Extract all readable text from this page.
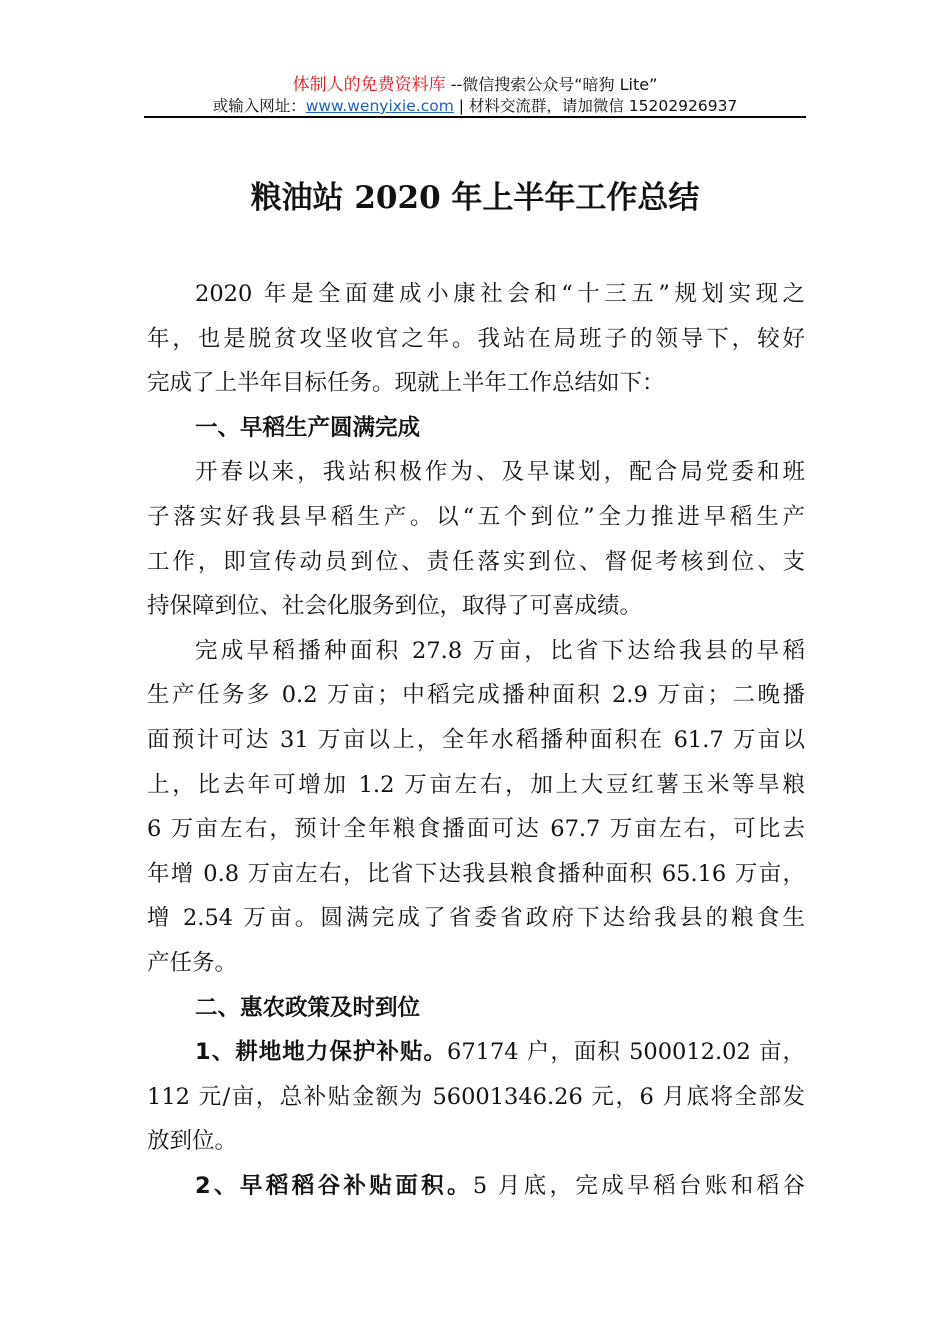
体制人的免费资料库 --微信搜索公众号“暗狗 Lite”
或输入网址：www.wenyixie.com | 材料交流群，请加微信 15202926937
粮油站 2020 年上半年工作总结
2020 年是全面建成小康社会和“十三五”规划实现之
年，也是脱贫攻坚收官之年。我站在局班子的领导下，较好
完成了上半年目标任务。现就上半年工作总结如下：
一、早稻生产圆满完成
开春以来，我站积极作为、及早谋划，配合局党委和班
子落实好我县早稻生产。以“五个到位”全力推进早稻生产
工作，即宣传动员到位、责任落实到位、督促考核到位、支
持保障到位、社会化服务到位，取得了可喜成绩。
完成早稻播种面积 27.8 万亩，比省下达给我县的早稻
生产任务多 0.2 万亩；中稻完成播种面积 2.9 万亩；二晚播
面预计可达 31 万亩以上，全年水稻播种面积在 61.7 万亩以
上，比去年可增加 1.2 万亩左右，加上大豆红薯玉米等旱粮
6 万亩左右，预计全年粮食播面可达 67.7 万亩左右，可比去
年增 0.8 万亩左右，比省下达我县粮食播种面积 65.16 万亩，
增 2.54 万亩。圆满完成了省委省政府下达给我县的粮食生
产任务。
二、惠农政策及时到位
1、耕地地力保护补贴。67174 户，面积 500012.02 亩，
112 元/亩，总补贴金额为 56001346.26 元，6 月底将全部发
放到位。
2、早稻稻谷补贴面积。5 月底，完成早稻台账和稻谷
